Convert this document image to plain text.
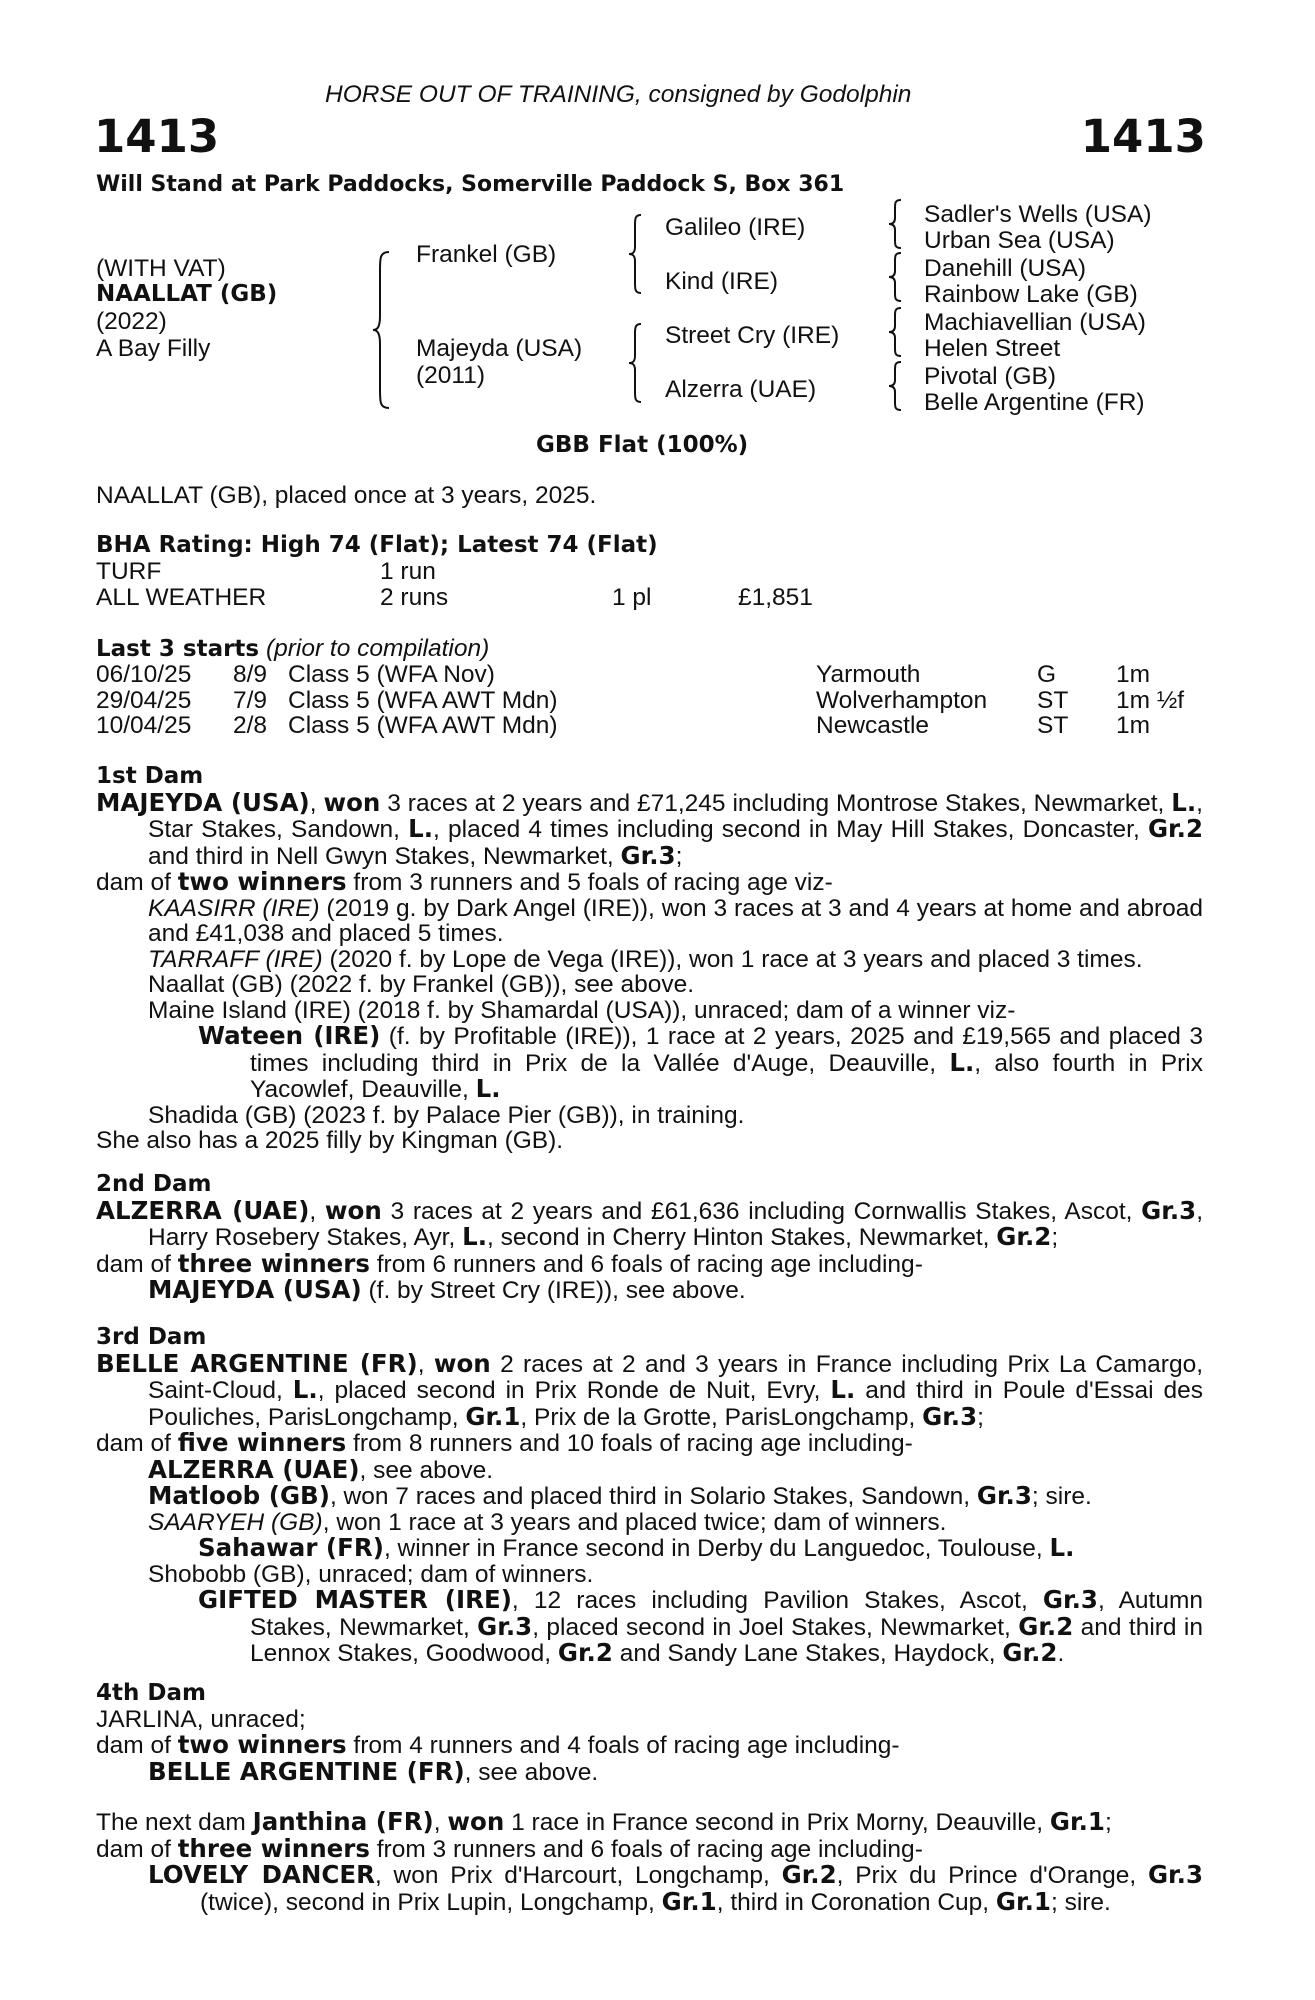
HORSE OUT OF TRAINING, consigned by Godolphin
1413	1413
Will Stand at Park Paddocks, Somerville Paddock S, Box 361
(WITH VAT)
NAALLAT (GB)
(2022)
A Bay Filly
Frankel (GB)
Majeyda (USA)
(2011)
Galileo (IRE)
Kind (IRE)
Street Cry (IRE)
Alzerra (UAE)
Sadler's Wells (USA)
Urban Sea (USA)
Danehill (USA)
Rainbow Lake (GB)
Machiavellian (USA)
Helen Street
Pivotal (GB)
Belle Argentine (FR)
GBB Flat (100%)
NAALLAT (GB), placed once at 3 years, 2025.
BHA Rating: High 74 (Flat); Latest 74 (Flat)
TURF	1 run
ALL WEATHER	2 runs	1 pl	£1,851
Last 3 starts (prior to compilation)
06/10/25	8/9 Class 5 (WFA Nov)	Yarmouth	G	1m
29/04/25	7/9 Class 5 (WFA AWT Mdn)	Wolverhampton	ST	1m ½f
10/04/25	2/8 Class 5 (WFA AWT Mdn)	Newcastle	ST	1m

1st Dam

MAJEYDA (USA), won 3 races at 2 years and £71,245 including Montrose Stakes, Newmarket, L., Star Stakes, Sandown, L., placed 4 times including second in May Hill Stakes, Doncaster, Gr.2 and third in Nell Gwyn Stakes, Newmarket, Gr.3;

dam of two winners from 3 runners and 5 foals of racing age viz-

KAASIRR (IRE) (2019 g. by Dark Angel (IRE)), won 3 races at 3 and 4 years at home and abroad and £41,038 and placed 5 times.

TARRAFF (IRE) (2020 f. by Lope de Vega (IRE)), won 1 race at 3 years and placed 3 times.

Naallat (GB) (2022 f. by Frankel (GB)), see above.

Maine Island (IRE) (2018 f. by Shamardal (USA)), unraced; dam of a winner viz-

Wateen (IRE) (f. by Profitable (IRE)), 1 race at 2 years, 2025 and £19,565 and placed 3 times including third in Prix de la Vallée d'Auge, Deauville, L., also fourth in Prix Yacowlef, Deauville, L.

Shadida (GB) (2023 f. by Palace Pier (GB)), in training.

She also has a 2025 filly by Kingman (GB).

2nd Dam

ALZERRA (UAE), won 3 races at 2 years and £61,636 including Cornwallis Stakes, Ascot, Gr.3, Harry Rosebery Stakes, Ayr, L., second in Cherry Hinton Stakes, Newmarket, Gr.2;

dam of three winners from 6 runners and 6 foals of racing age including-

MAJEYDA (USA) (f. by Street Cry (IRE)), see above.

3rd Dam

BELLE ARGENTINE (FR), won 2 races at 2 and 3 years in France including Prix La Camargo, Saint-Cloud, L., placed second in Prix Ronde de Nuit, Evry, L. and third in Poule d'Essai des Pouliches, ParisLongchamp, Gr.1, Prix de la Grotte, ParisLongchamp, Gr.3;

dam of five winners from 8 runners and 10 foals of racing age including-

ALZERRA (UAE), see above.

Matloob (GB), won 7 races and placed third in Solario Stakes, Sandown, Gr.3; sire.

SAARYEH (GB), won 1 race at 3 years and placed twice; dam of winners.

Sahawar (FR), winner in France second in Derby du Languedoc, Toulouse, L.

Shobobb (GB), unraced; dam of winners.

GIFTED MASTER (IRE), 12 races including Pavilion Stakes, Ascot, Gr.3, Autumn Stakes, Newmarket, Gr.3, placed second in Joel Stakes, Newmarket, Gr.2 and third in Lennox Stakes, Goodwood, Gr.2 and Sandy Lane Stakes, Haydock, Gr.2.

4th Dam

JARLINA, unraced;

dam of two winners from 4 runners and 4 foals of racing age including-

BELLE ARGENTINE (FR), see above.

The next dam Janthina (FR), won 1 race in France second in Prix Morny, Deauville, Gr.1;

dam of three winners from 3 runners and 6 foals of racing age including-

LOVELY DANCER, won Prix d'Harcourt, Longchamp, Gr.2, Prix du Prince d'Orange, Gr.3 (twice), second in Prix Lupin, Longchamp, Gr.1, third in Coronation Cup, Gr.1; sire.
